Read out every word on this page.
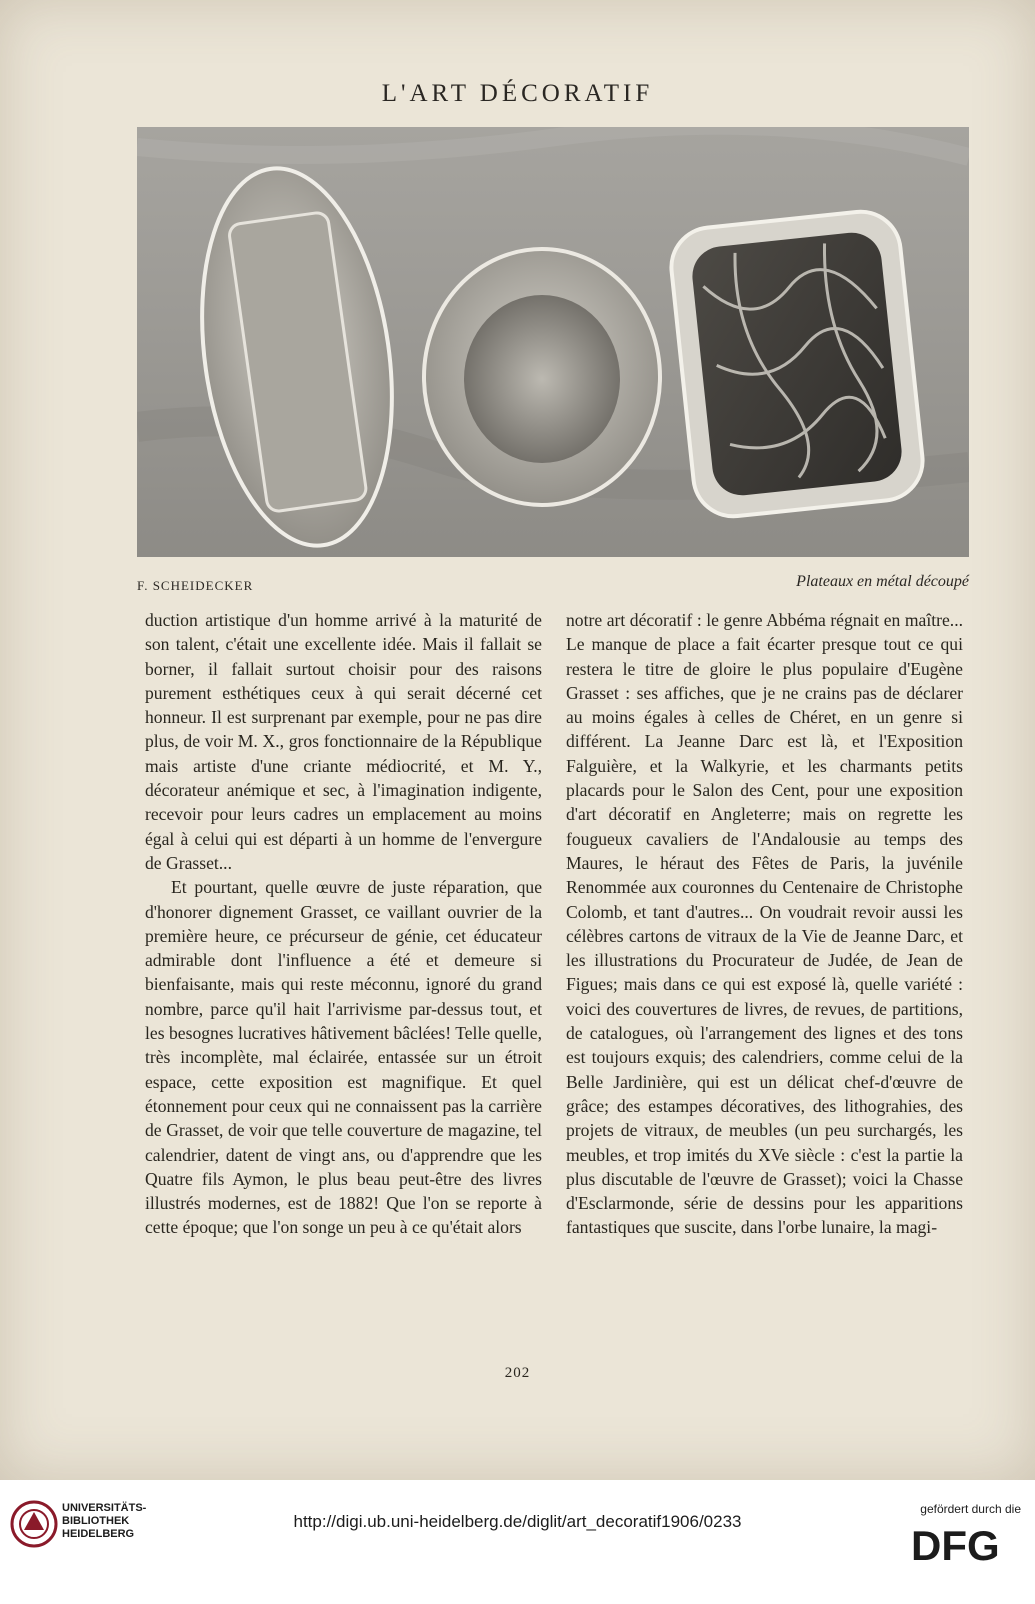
L'ART DÉCORATIF
F. SCHEIDECKER	Plateaux en métal découpé

duction artistique d'un homme arrivé à la maturité de son talent, c'était une excellente idée. Mais il fallait se borner, il fallait surtout choisir pour des raisons purement esthétiques ceux à qui serait décerné cet honneur. Il est surprenant par exemple, pour ne pas dire plus, de voir M. X., gros fonctionnaire de la République mais artiste d'une criante médiocrité, et M. Y., décorateur anémique et sec, à l'imagination indigente, recevoir pour leurs cadres un emplacement au moins égal à celui qui est départi à un homme de l'envergure de Grasset...

Et pourtant, quelle œuvre de juste réparation, que d'honorer dignement Grasset, ce vaillant ouvrier de la première heure, ce précurseur de génie, cet éducateur admirable dont l'influence a été et demeure si bienfaisante, mais qui reste méconnu, ignoré du grand nombre, parce qu'il hait l'arrivisme par-dessus tout, et les besognes lucratives hâtivement bâclées! Telle quelle, très incomplète, mal éclairée, entassée sur un étroit espace, cette exposition est magnifique. Et quel étonnement pour ceux qui ne connaissent pas la carrière de Grasset, de voir que telle couverture de magazine, tel calendrier, datent de vingt ans, ou d'apprendre que les Quatre fils Aymon, le plus beau peut-être des livres illustrés modernes, est de 1882! Que l'on se reporte à cette époque; que l'on songe un peu à ce qu'était alors

notre art décoratif : le genre Abbéma régnait en maître... Le manque de place a fait écarter presque tout ce qui restera le titre de gloire le plus populaire d'Eugène Grasset : ses affiches, que je ne crains pas de déclarer au moins égales à celles de Chéret, en un genre si différent. La Jeanne Darc est là, et l'Exposition Falguière, et la Walkyrie, et les charmants petits placards pour le Salon des Cent, pour une exposition d'art décoratif en Angleterre; mais on regrette les fougueux cavaliers de l'Andalousie au temps des Maures, le héraut des Fêtes de Paris, la juvénile Renommée aux couronnes du Centenaire de Christophe Colomb, et tant d'autres... On voudrait revoir aussi les célèbres cartons de vitraux de la Vie de Jeanne Darc, et les illustrations du Procurateur de Judée, de Jean de Figues; mais dans ce qui est exposé là, quelle variété : voici des couvertures de livres, de revues, de partitions, de catalogues, où l'arrangement des lignes et des tons est toujours exquis; des calendriers, comme celui de la Belle Jardinière, qui est un délicat chef-d'œuvre de grâce; des estampes décoratives, des lithograhies, des projets de vitraux, de meubles (un peu surchargés, les meubles, et trop imités du XVe siècle : c'est la partie la plus discutable de l'œuvre de Grasset); voici la Chasse d'Esclarmonde, série de dessins pour les apparitions fantastiques que suscite, dans l'orbe lunaire, la magi-

202
UNIVERSITÄTS-
BIBLIOTHEK
HEIDELBERG
http://digi.ub.uni-heidelberg.de/diglit/art_decoratif1906/0233
gefördert durch die
DFG
